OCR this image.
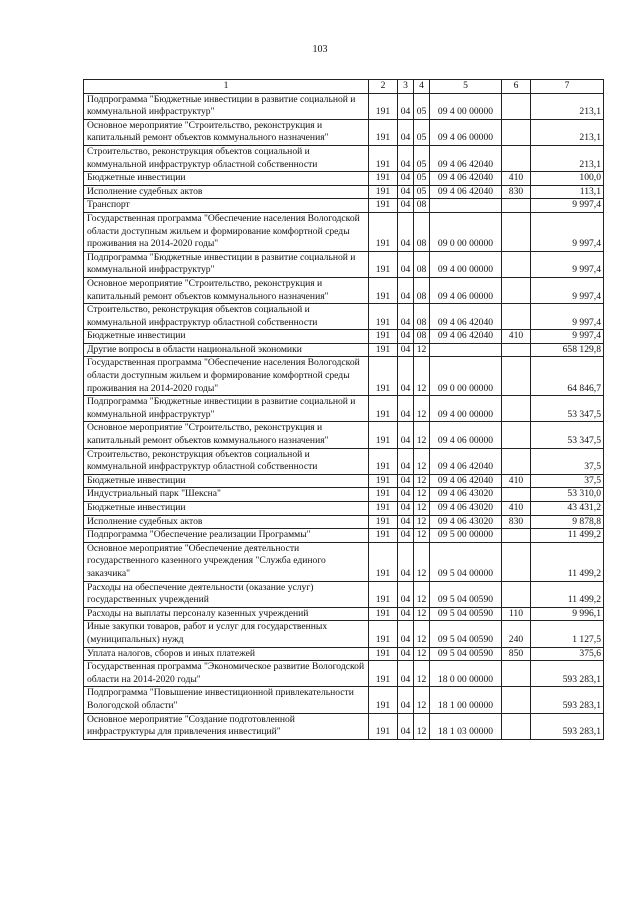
103
1	2	3	4	5	6	7
Подпрограмма "Бюджетные инвестиции в развитие социальной и коммунальной инфраструктур"	191	04	05	09 4 00 00000		213,1
Основное мероприятие "Строительство, реконструкция и капитальный ремонт объектов коммунального назначения"	191	04	05	09 4 06 00000		213,1
Строительство, реконструкция объектов социальной и коммунальной инфраструктур областной собственности	191	04	05	09 4 06 42040		213,1
Бюджетные инвестиции	191	04	05	09 4 06 42040	410	100,0
Исполнение судебных актов	191	04	05	09 4 06 42040	830	113,1
Транспорт	191	04	08			9 997,4
Государственная программа "Обеспечение населения Вологодской области доступным жильем и формирование комфортной среды проживания на 2014-2020 годы"	191	04	08	09 0 00 00000		9 997,4
Подпрограмма "Бюджетные инвестиции в развитие социальной и коммунальной инфраструктур"	191	04	08	09 4 00 00000		9 997,4
Основное мероприятие "Строительство, реконструкция и капитальный ремонт объектов коммунального назначения"	191	04	08	09 4 06 00000		9 997,4
Строительство, реконструкция объектов социальной и коммунальной инфраструктур областной собственности	191	04	08	09 4 06 42040		9 997,4
Бюджетные инвестиции	191	04	08	09 4 06 42040	410	9 997,4
Другие вопросы в области национальной экономики	191	04	12			658 129,8
Государственная программа "Обеспечение населения Вологодской области доступным жильем и формирование комфортной среды проживания на 2014-2020 годы"	191	04	12	09 0 00 00000		64 846,7
Подпрограмма "Бюджетные инвестиции в развитие социальной и коммунальной инфраструктур"	191	04	12	09 4 00 00000		53 347,5
Основное мероприятие "Строительство, реконструкция и капитальный ремонт объектов коммунального назначения"	191	04	12	09 4 06 00000		53 347,5
Строительство, реконструкция объектов социальной и коммунальной инфраструктур областной собственности	191	04	12	09 4 06 42040		37,5
Бюджетные инвестиции	191	04	12	09 4 06 42040	410	37,5
Индустриальный парк "Шексна"	191	04	12	09 4 06 43020		53 310,0
Бюджетные инвестиции	191	04	12	09 4 06 43020	410	43 431,2
Исполнение судебных актов	191	04	12	09 4 06 43020	830	9 878,8
Подпрограмма "Обеспечение реализации Программы"	191	04	12	09 5 00 00000		11 499,2
Основное мероприятие "Обеспечение деятельности государственного казенного учреждения "Служба единого заказчика"	191	04	12	09 5 04 00000		11 499,2
Расходы на обеспечение деятельности (оказание услуг) государственных учреждений	191	04	12	09 5 04 00590		11 499,2
Расходы на выплаты персоналу казенных учреждений	191	04	12	09 5 04 00590	110	9 996,1
Иные закупки товаров, работ и услуг для государственных (муниципальных) нужд	191	04	12	09 5 04 00590	240	1 127,5
Уплата налогов, сборов и иных платежей	191	04	12	09 5 04 00590	850	375,6
Государственная программа "Экономическое развитие Вологодской области на 2014-2020 годы"	191	04	12	18 0 00 00000		593 283,1
Подпрограмма "Повышение инвестиционной привлекательности Вологодской области"	191	04	12	18 1 00 00000		593 283,1
Основное мероприятие "Создание подготовленной инфраструктуры для привлечения инвестиций"	191	04	12	18 1 03 00000		593 283,1
